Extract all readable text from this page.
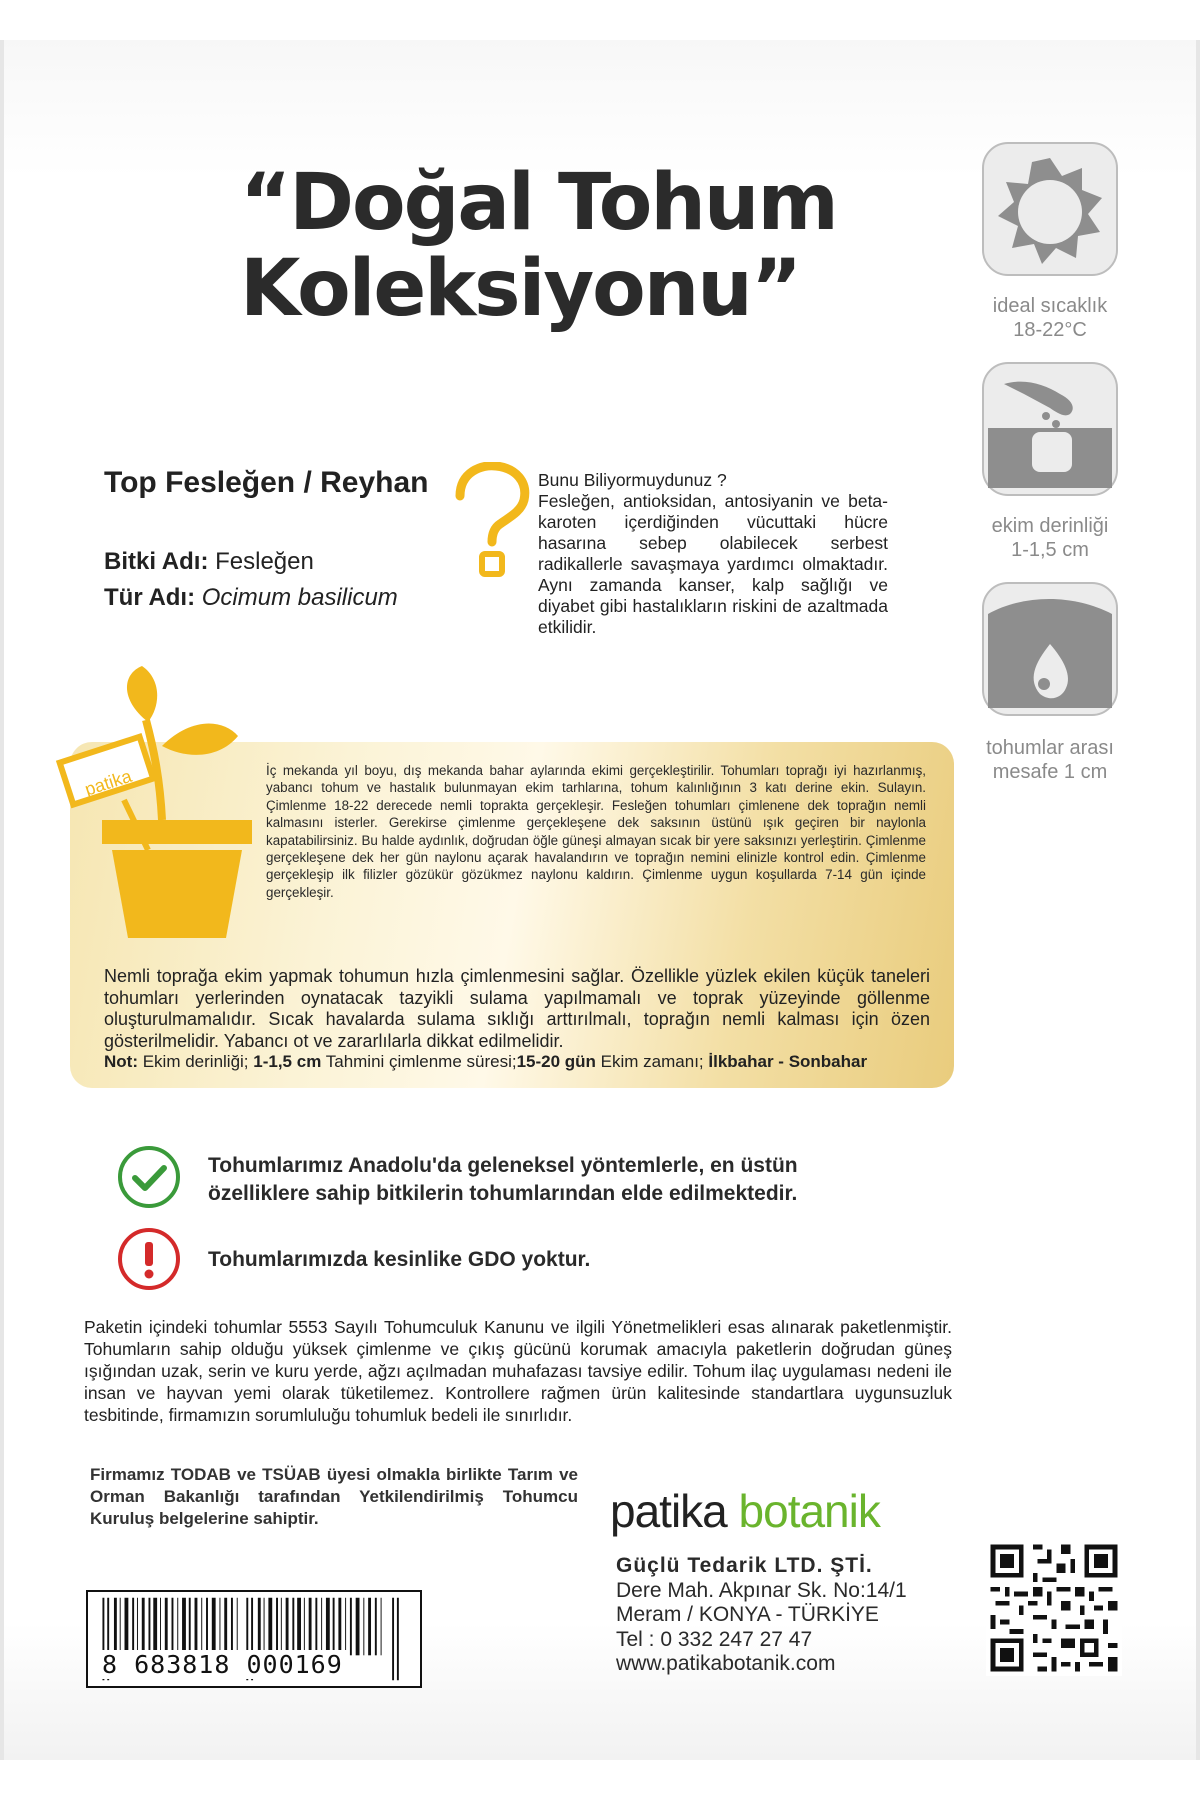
“Doğal Tohum
Koleksiyonu”
Top Fesleğen / Reyhan
Bitki Adı: Fesleğen
Tür Adı: Ocimum basilicum
Bunu Biliyormuydunuz ?
Fesleğen, antioksidan, antosiyanin ve beta-karoten içerdiğinden vücuttaki hücre hasarına sebep olabilecek serbest radikallerle savaşmaya yardımcı olmaktadır. Aynı zamanda kanser, kalp sağlığı ve diyabet gibi hastalıkların riskini de azaltmada etkilidir.
patika	İç mekanda yıl boyu, dış mekanda bahar aylarında ekimi gerçekleştirilir. Tohumları toprağı iyi hazırlanmış, yabancı tohum ve hastalık bulunmayan ekim tarhlarına, tohum kalınlığının 3 katı derine ekin. Sulayın. Çimlenme 18-22 derecede nemli toprakta gerçekleşir. Fesleğen tohumları çimlenene dek toprağın nemli kalmasını isterler. Gerekirse çimlenme gerçekleşene dek saksının üstünü ışık geçiren bir naylonla kapatabilirsiniz. Bu halde aydınlık, doğrudan öğle güneşi almayan sıcak bir yere saksınızı yerleştirin. Çimlenme gerçekleşene dek her gün naylonu açarak havalandırın ve toprağın nemini elinizle kontrol edin. Çimlenme gerçekleşip ilk filizler gözükür gözükmez naylonu kaldırın. Çimlenme uygun koşullarda 7-14 gün içinde gerçekleşir.
Nemli toprağa ekim yapmak tohumun hızla çimlenmesini sağlar. Özellikle yüzlek ekilen küçük taneleri tohumları yerlerinden oynatacak tazyikli sulama yapılmamalı ve toprak yüzeyinde göllenme oluşturulmamalıdır. Sıcak havalarda sulama sıklığı arttırılmalı, toprağın nemli kalması için özen gösterilmelidir. Yabancı ot ve zararlılarla dikkat edilmelidir.
Not: Ekim derinliği; 1-1,5 cm Tahmini çimlenme süresi;15-20 gün Ekim zamanı; İlkbahar - Sonbahar
ideal sıcaklık
18-22°C
ekim derinliği
1-1,5 cm
tohumlar arası
mesafe 1 cm
Tohumlarımız Anadolu'da geleneksel yöntemlerle, en üstün
özelliklere sahip bitkilerin tohumlarından elde edilmektedir.
Tohumlarımızda kesinlike GDO yoktur.
Paketin içindeki tohumlar 5553 Sayılı Tohumculuk Kanunu ve ilgili Yönetmelikleri esas alınarak paketlenmiştir. Tohumların sahip olduğu yüksek çimlenme ve çıkış gücünü korumak amacıyla paketlerin doğrudan güneş ışığından uzak, serin ve kuru yerde, ağzı açılmadan muhafazası tavsiye edilir. Tohum ilaç uygulaması nedeni ile insan ve hayvan yemi olarak tüketilemez. Kontrollere rağmen ürün kalitesinde standartlara uygunsuzluk tesbitinde, firmamızın sorumluluğu tohumluk bedeli ile sınırlıdır.
Firmamız TODAB ve TSÜAB üyesi olmakla birlikte Tarım ve Orman Bakanlığı tarafından Yetkilendirilmiş Tohumcu Kuruluş belgelerine sahiptir.
8 683818 000169
patika botanik
Güçlü Tedarik LTD. ŞTİ.
Dere Mah. Akpınar Sk. No:14/1
Meram / KONYA - TÜRKİYE
Tel : 0 332 247 27 47
www.patikabotanik.com
